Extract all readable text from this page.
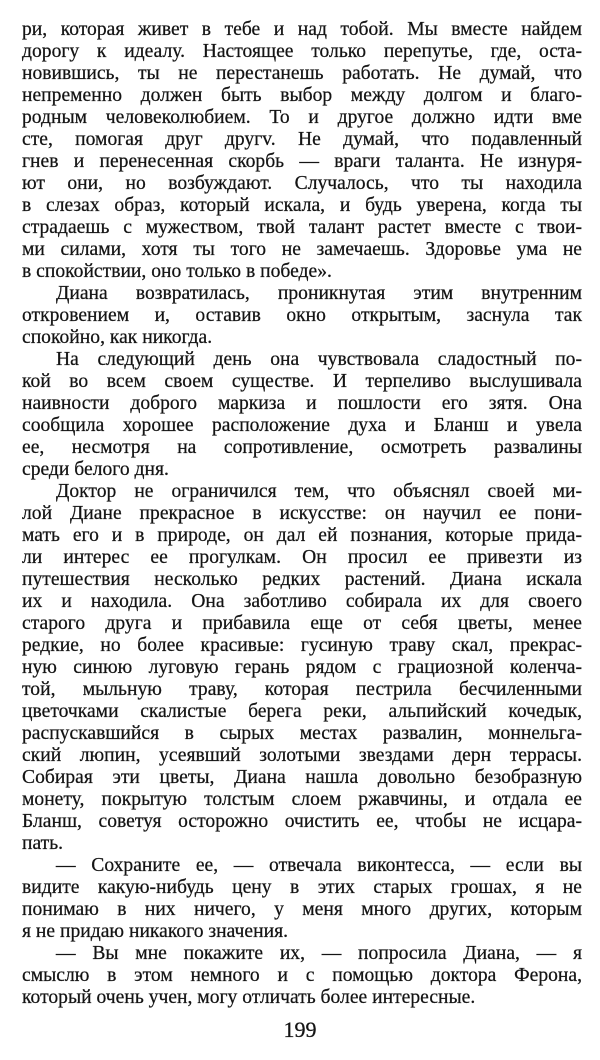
ри, которая живет в тебе и над тобой. Мы вместе найдем
дорогу к идеалу. Настоящее только перепутье, где, оста-
новившись, ты не перестанешь работать. Не думай, что
непременно должен быть выбор между долгом и благо-
родным человеколюбием. То и другое должно идти вме
сте, помогая друг другv. Не думай, что подавленный
гнев и перенесенная скорбь — враги таланта. Не изнуря-
ют они, но возбуждают. Случалось, что ты находила
в слезах образ, который искала, и будь уверена, когда ты
страдаешь с мужеством, твой талант растет вместе с твои-
ми силами, хотя ты того не замечаешь. Здоровье ума не
в спокойствии, оно только в победе».
Диана возвратилась, проникнутая этим внутренним
откровением и, оставив окно открытым, заснула так
спокойно, как никогда.
На следующий день она чувствовала сладостный по-
кой во всем своем существе. И терпеливо выслушивала
наивности доброго маркиза и пошлости его зятя. Она
сообщила хорошее расположение духа и Бланш и увела
ее, несмотря на сопротивление, осмотреть развалины
среди белого дня.
Доктор не ограничился тем, что объяснял своей ми-
лой Диане прекрасное в искусстве: он научил ее пони-
мать его и в природе, он дал ей познания, которые прида-
ли интерес ее прогулкам. Он просил ее привезти из
путешествия несколько редких растений. Диана искала
их и находила. Она заботливо собирала их для своего
старого друга и прибавила еще от себя цветы, менее
редкие, но более красивые: гусиную траву скал, прекрас-
ную синюю луговую герань рядом с грациозной коленча-
той, мыльную траву, которая пестрила бесчиленными
цветочками скалистые берега реки, альпийский кочедык,
распускавшийся в сырых местах развалин, моннельга-
ский люпин, усеявший золотыми звездами дерн террасы.
Собирая эти цветы, Диана нашла довольно безобразную
монету, покрытую толстым слоем ржавчины, и отдала ее
Бланш, советуя осторожно очистить ее, чтобы не исцара-
пать.
— Сохраните ее, — отвечала виконтесса, — если вы
видите какую-нибудь цену в этих старых грошах, я не
понимаю в них ничего, у меня много других, которым
я не придаю никакого значения.
— Вы мне покажите их, — попросила Диана, — я
смыслю в этом немного и с помощью доктора Ферона,
который очень учен, могу отличать более интересные.
199
